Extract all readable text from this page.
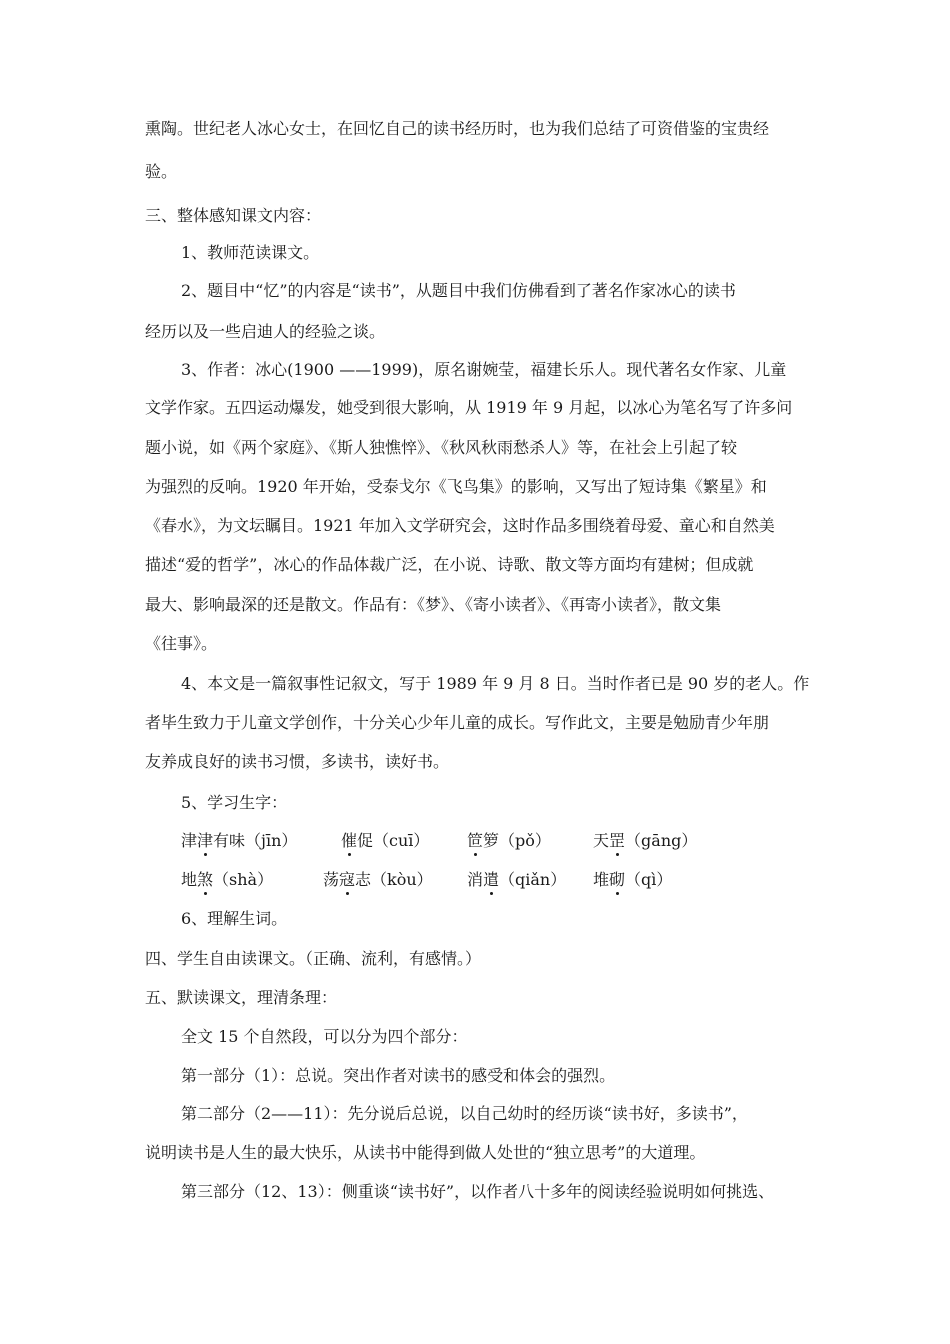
熏陶。世纪老人冰心女士，在回忆自己的读书经历时，也为我们总结了可资借鉴的宝贵经
验。
三、整体感知课文内容：
1、教师范读课文。
2、题目中“忆”的内容是“读书”，从题目中我们仿佛看到了著名作家冰心的读书
经历以及一些启迪人的经验之谈。
3、作者：冰心(1900 ——1999)，原名谢婉莹，福建长乐人。现代著名女作家、儿童
文学作家。五四运动爆发，她受到很大影响，从 1919 年 9 月起，以冰心为笔名写了许多问
题小说，如《两个家庭》、《斯人独憔悴》、《秋风秋雨愁杀人》等，在社会上引起了较
为强烈的反响。1920 年开始，受泰戈尔《飞鸟集》的影响，又写出了短诗集《繁星》和
《春水》，为文坛瞩目。1921 年加入文学研究会，这时作品多围绕着母爱、童心和自然美
描述“爱的哲学”，冰心的作品体裁广泛，在小说、诗歌、散文等方面均有建树；但成就
最大、影响最深的还是散文。作品有：《梦》、《寄小读者》、《再寄小读者》，散文集
《往事》。
4、本文是一篇叙事性记叙文，写于 1989 年 9 月 8 日。当时作者已是 90 岁的老人。作
者毕生致力于儿童文学创作，十分关心少年儿童的成长。写作此文，主要是勉励青少年朋
友养成良好的读书习惯，多读书，读好书。
5、学习生字：
津津有味（jīn）	催促（cuī） 笸箩（pǒ）	天罡（gāng）
地煞（shà）	荡寇志（kòu） 消遣（qiǎn） 堆砌（qì）
6、理解生词。
四、学生自由读课文。（正确、流利，有感情。）
五、默读课文，理清条理：
全文 15 个自然段，可以分为四个部分：
第一部分（1）：总说。突出作者对读书的感受和体会的强烈。
第二部分（2——11）：先分说后总说，以自己幼时的经历谈“读书好，多读书”，
说明读书是人生的最大快乐，从读书中能得到做人处世的“独立思考”的大道理。
第三部分（12、13）：侧重谈“读书好”，以作者八十多年的阅读经验说明如何挑选、
